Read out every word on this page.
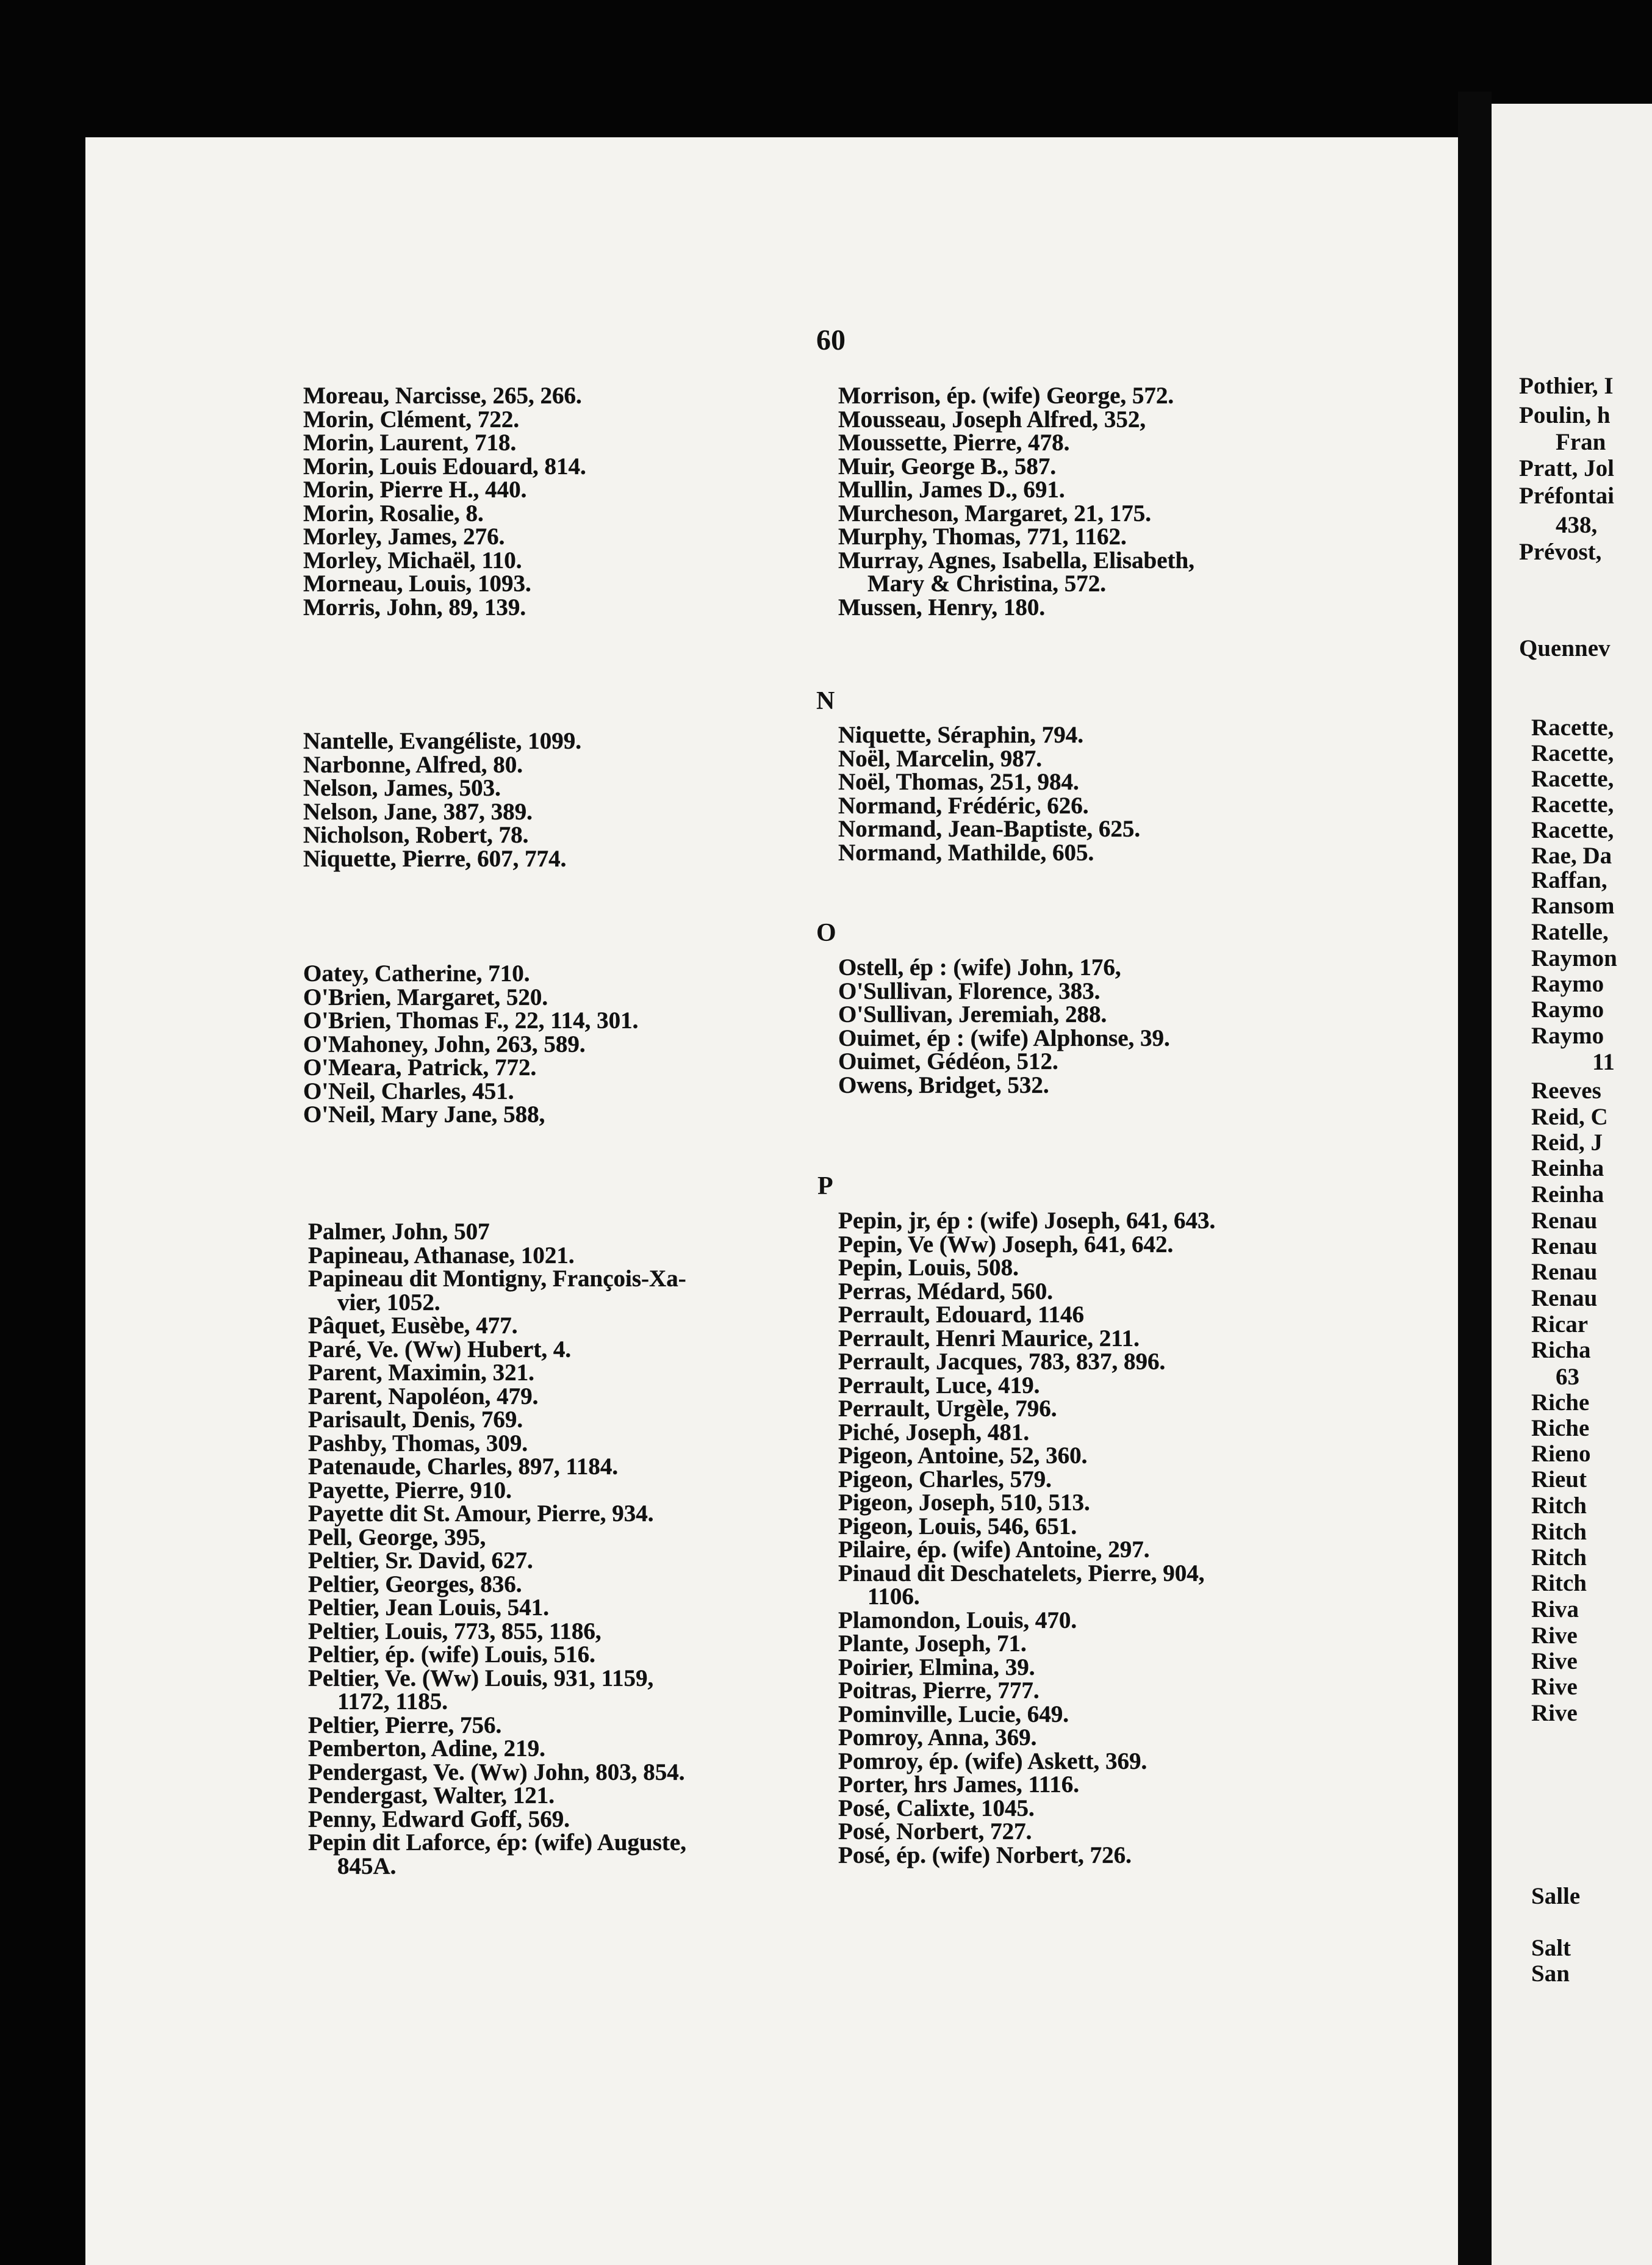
60
N
O
P
Moreau, Narcisse, 265, 266.
Morin, Clément, 722.
Morin, Laurent, 718.
Morin, Louis Edouard, 814.
Morin, Pierre H., 440.
Morin, Rosalie, 8.
Morley, James, 276.
Morley, Michaël, 110.
Morneau, Louis, 1093.
Morris, John, 89, 139.
Morrison, ép. (wife) George, 572.
Mousseau, Joseph Alfred, 352,
Moussette, Pierre, 478.
Muir, George B., 587.
Mullin, James D., 691.
Murcheson, Margaret, 21, 175.
Murphy, Thomas, 771, 1162.
Murray, Agnes, Isabella, Elisabeth,
Mary & Christina, 572.
Mussen, Henry, 180.
Nantelle, Evangéliste, 1099.
Narbonne, Alfred, 80.
Nelson, James, 503.
Nelson, Jane, 387, 389.
Nicholson, Robert, 78.
Niquette, Pierre, 607, 774.
Niquette, Séraphin, 794.
Noël, Marcelin, 987.
Noël, Thomas, 251, 984.
Normand, Frédéric, 626.
Normand, Jean-Baptiste, 625.
Normand, Mathilde, 605.
Oatey, Catherine, 710.
O'Brien, Margaret, 520.
O'Brien, Thomas F., 22, 114, 301.
O'Mahoney, John, 263, 589.
O'Meara, Patrick, 772.
O'Neil, Charles, 451.
O'Neil, Mary Jane, 588,
Ostell, ép : (wife) John, 176,
O'Sullivan, Florence, 383.
O'Sullivan, Jeremiah, 288.
Ouimet, ép : (wife) Alphonse, 39.
Ouimet, Gédéon, 512.
Owens, Bridget, 532.
Palmer, John, 507
Papineau, Athanase, 1021.
Papineau dit Montigny, François-Xa-
vier, 1052.
Pâquet, Eusèbe, 477.
Paré, Ve. (Ww) Hubert, 4.
Parent, Maximin, 321.
Parent, Napoléon, 479.
Parisault, Denis, 769.
Pashby, Thomas, 309.
Patenaude, Charles, 897, 1184.
Payette, Pierre, 910.
Payette dit St. Amour, Pierre, 934.
Pell, George, 395,
Peltier, Sr. David, 627.
Peltier, Georges, 836.
Peltier, Jean Louis, 541.
Peltier, Louis, 773, 855, 1186,
Peltier, ép. (wife) Louis, 516.
Peltier, Ve. (Ww) Louis, 931, 1159,
1172, 1185.
Peltier, Pierre, 756.
Pemberton, Adine, 219.
Pendergast, Ve. (Ww) John, 803, 854.
Pendergast, Walter, 121.
Penny, Edward Goff, 569.
Pepin dit Laforce, ép: (wife) Auguste,
845A.
Pepin, jr, ép : (wife) Joseph, 641, 643.
Pepin, Ve (Ww) Joseph, 641, 642.
Pepin, Louis, 508.
Perras, Médard, 560.
Perrault, Edouard, 1146
Perrault, Henri Maurice, 211.
Perrault, Jacques, 783, 837, 896.
Perrault, Luce, 419.
Perrault, Urgèle, 796.
Piché, Joseph, 481.
Pigeon, Antoine, 52, 360.
Pigeon, Charles, 579.
Pigeon, Joseph, 510, 513.
Pigeon, Louis, 546, 651.
Pilaire, ép. (wife) Antoine, 297.
Pinaud dit Deschatelets, Pierre, 904,
1106.
Plamondon, Louis, 470.
Plante, Joseph, 71.
Poirier, Elmina, 39.
Poitras, Pierre, 777.
Pominville, Lucie, 649.
Pomroy, Anna, 369.
Pomroy, ép. (wife) Askett, 369.
Porter, hrs James, 1116.
Posé, Calixte, 1045.
Posé, Norbert, 727.
Posé, ép. (wife) Norbert, 726.
Pothier, I
Poulin, h
Fran
Pratt, Jol
Préfontai
438,
Prévost,
Quennev
Racette,
Racette,
Racette,
Racette,
Racette,
Rae, Da
Raffan,
Ransom
Ratelle,
Raymon
Raymo
Raymo
Raymo
11
Reeves
Reid, C
Reid, J
Reinha
Reinha
Renau
Renau
Renau
Renau
Ricar
Richa
63
Riche
Riche
Rieno
Rieut
Ritch
Ritch
Ritch
Ritch
Riva
Rive
Rive
Rive
Rive
Salle
Salt
San
